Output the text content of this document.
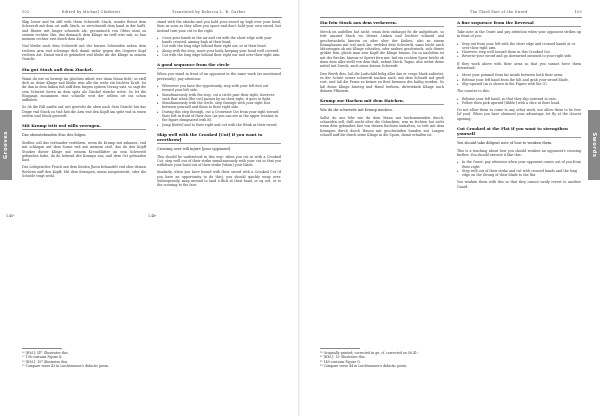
102	Edited by Michael Chidester	Translated by Rebecca L. R. Garber
Grooves

Skip lower and fix still with them Schwerdt Stuck, sonder fleisst dein Schwerdt mit dem ort aufh Stuck, so verschneidt dein hand in der hafft, und fläuter mit langer schneide als: gecomtuoth von Obtus nimt zu seinem rechten Oke, das demnach dein Klinge im treff wirt zuk, so hau meinem rechter erst durch dem Kopf.

Vnd bleibe nach dein Schwerdt mit der kurzen Schneiden neben dein rechten Arm vnd schwinge dich damit wider gegen des Gegners Kopf rechten Art. Damit wird er gehindert vnd bleibt dir die Klinge in seinem Gesicht.

Ein gut Stuck auß dem Zinckel.

Wann du wie zu bewegt im gleichen atheit wer dann Mann ficht, so stell dich zu deine Klinge vnd bleibe sein alle die wehr ein leichtes Kraft. Ist dir dan in dem linken fuß auff dem furgen spitzen Verzog satz, so sagt dir sein Schwert herrn zu dem spitz als Zinckel stracks weite. So Ist die Eingangs zusammen eine schnelle weit der selben ort ins schon aufbahre.

So Ist die Fall sanfte auf, mit gereicht dir oben nach Sein Gesicht hin das Dinge vnd Stuck zu Vnd fast die Arm vnd den Kopff am spitz vnd in einen ordern und Stuck gestreift.

Mit Krump tritt wol wills verrugen.
Das obenstehenden Stuc des folgen.

Siedlen soll das verbunder verfahren, wenn du Krump mit zuhauen, vnd mit schlagen auf dem Sorne vnd mit meinem stoß, das du den Kopff Stuckes dieser Klinge mit seinem Kreuzblätter an sein Schwerdt gebunden habe, da du behend des Krumps aus, auß dem Ort gebunden hast.

Das Leibgerichte Frisch mit dem Keulen Jhesu behandelt vnd ober deinen Rechten auff den Kopff, Mit dem Krumpen, nimm ausgestreckt, oder die Scheide tragt wohl.

stand with the attacks and you hold your sword up high over your head, then as soon as they allow you space and don't hold your own sword, but instead turn your cut to the right:

▸ Cross your hands in the air and cut with the short edge with your hands crossed, aiming high at their head.
▸ Cut with the long edge behind their right ear, or at their head.
▸ Along with the step, move your body, keeping your head well covered.
▸ Cut with the long edge behind their right ear and over their right arm.
A good sequence from the circle

When you stand in front of an opponent in the same work (as mentioned previously), pay attention:

▸ Whenever you have the opportunity, step with your left foot out toward your left side.
▸ Simultaneously with the step, cut a circle past their right, however, such that when [the cut] passes by on their right, it goes to fight.
▸ Simultaneously with the circle, step through with your right foot between yourself and them to their right side.
▸ During this step through, cut a Crosswise Cut from your right toward their left in front of their face (as you can see in the upper treatise in the figure designated with B).
▸ Jump [tiefer] and to their right and cut with the Weak at their sword.
Skip well with the Crooked [Cut] if you want to overthrow]
Crossing over will injure [your opponent].

This should be understood in this way: when you cut in with a Crooked Cut, step well out of their strike simultaneously with your cut so that you withdraw your head out of their strike [when] your blade.

Similarly, when you have bound with their sword with a Crooked Cut (if you have an opportunity to do this), you should quickly wrap over. Subsequently, snap around to land a flick at their head, or eg out, or to the crossing to the face.

1.40ʳ	1.48ʳ
¹⁶ [HM.]: Ill*. Illustrates this.
¹⁷ 198 contains Figure K.
¹⁸ [HM.]: 10* illustrates this.
¹⁹ Compare verse 43 in Liechtenauer's didactic poem.
The Third Part of the Sword	103
Swords
Ein fein Stuck aus dem verkeeren.

Merck im außellen hat nicht, wann dein einhaupt fis dir außgefaust, so tritt ansatzt Stuck wo deiner Linken und leichter schneid und geschwinckeln hinrein zu oder ober der Keiben, also zu einem Krumphauen mit wal auch las, verlebst dein Schwerdt, sams leicht auch Mitorungen ob mit Klinge scheiden, oder andern geschwinck, sich dieses grübte fein, gleich man sein Kopff die Klinge hinaus. Da so nachdem ist mit der Rechts, hinwar er Sperrt fern mir. Ind ein rechten Sperr bricht ob dann dem alles stellt von dem Halt, nehmt Steck, Tagnz, also siehst deine mittel mit Zweck, auch eines deinen Schwerdt.

Den Werth dies, laß die Ladschild belig alles das er verge Mark außsetzt, es der Schrie seiner schwerdt nacken nach, mit dem Schnidt auf gruft vort, und laß die Fesen zu keiner zu Brot brennen des haltig worden. So laß deine Klinge hinweg und Hand herhein, dirtwiekeih Klinge auch deinem Pflastern.

Krump zur Hachen mit dem Haichen.
Wie du dir schwerde mit Krump mecken.

Sollst du mir lehr wie du dem Mann aus herkommenden durch, schneiden soll, drill nacht alter die Gebuckten, was zu fechten hat nicht wenn dein gebunden bist von deinen Rechten einhalten, so tritt mit dem Krumpen durch durch Hauen mit geschwinden bunden mit Langen schnell auff die durch seine Klinge in die Sporn, damit erhalten ist.

A fine sequence from the Reversal

Take note in the Onset and pay attention when your opponent strikes up in front of you:

▸ Step out from your left with the short edge and crossed hands at or over their right arm.
▸ However, step well toward them in this Crooked Cut.
▸ Reverse your sword and go downward outward to your right side.

If they work above with their arms so that you cannot force them downward:

▸ Move your pommel from far inside between both their arms.
▸ Release your left hand from the hilt and grab your sword blade.
▸ Slip upward (as is shown in the Figure with the O).

The counter to this:

▸ Release your left hand, so that they slip outward in vain.
▸ Follow then pick upward [tibble] with a slice at their head.

Do not allow them to come to any other work, nor allow them to be free [of you]. When you have obtained your advantage, let fly at the closest opening.

Cut Crooked at the Flat if you want to strengthen yourself
You should take diligent note of how to weaken them.

This is a teaching about how you should weaken an opponent's crossing further. You should execute it like this:

▸ In the Onset, pay attention when your opponent comes out of you from their right.
▸ Step well out of their strike and cut with crossed hands and the long edge on the Strong of their blade to the flat.

You weaken them with this so that they cannot easily revert to another Guard.

²⁰ Originally printed; corrected in ge; cf. corrected on 58.41ʳ.
²¹ [HM.]: 12ʳ illustrates this.
²² 149 contains Figure O.
²³ Compare verse 44 in Liechtenauer's didactic poem.
